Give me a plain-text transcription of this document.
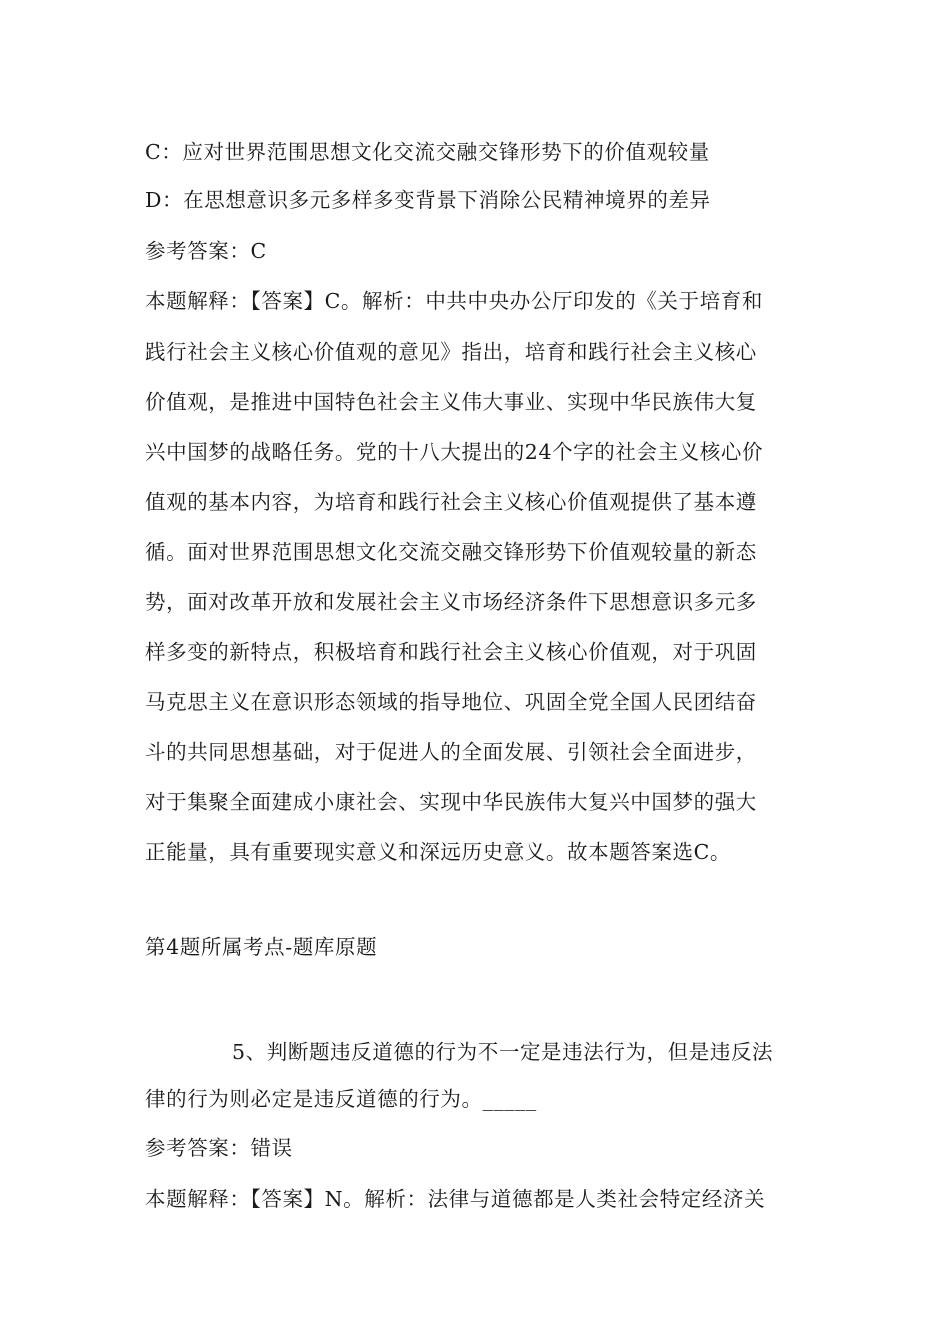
C：应对世界范围思想文化交流交融交锋形势下的价值观较量
D：在思想意识多元多样多变背景下消除公民精神境界的差异
参考答案：C
本题解释：【答案】C。解析：中共中央办公厅印发的《关于培育和
践行社会主义核心价值观的意见》指出，培育和践行社会主义核心
价值观，是推进中国特色社会主义伟大事业、实现中华民族伟大复
兴中国梦的战略任务。党的十八大提出的24个字的社会主义核心价
值观的基本内容，为培育和践行社会主义核心价值观提供了基本遵
循。面对世界范围思想文化交流交融交锋形势下价值观较量的新态
势，面对改革开放和发展社会主义市场经济条件下思想意识多元多
样多变的新特点，积极培育和践行社会主义核心价值观，对于巩固
马克思主义在意识形态领域的指导地位、巩固全党全国人民团结奋
斗的共同思想基础，对于促进人的全面发展、引领社会全面进步，
对于集聚全面建成小康社会、实现中华民族伟大复兴中国梦的强大
正能量，具有重要现实意义和深远历史意义。故本题答案选C。
第4题所属考点-题库原题
5、判断题违反道德的行为不一定是违法行为，但是违反法
律的行为则必定是违反道德的行为。_____
参考答案：错误
本题解释：【答案】N。解析：法律与道德都是人类社会特定经济关
